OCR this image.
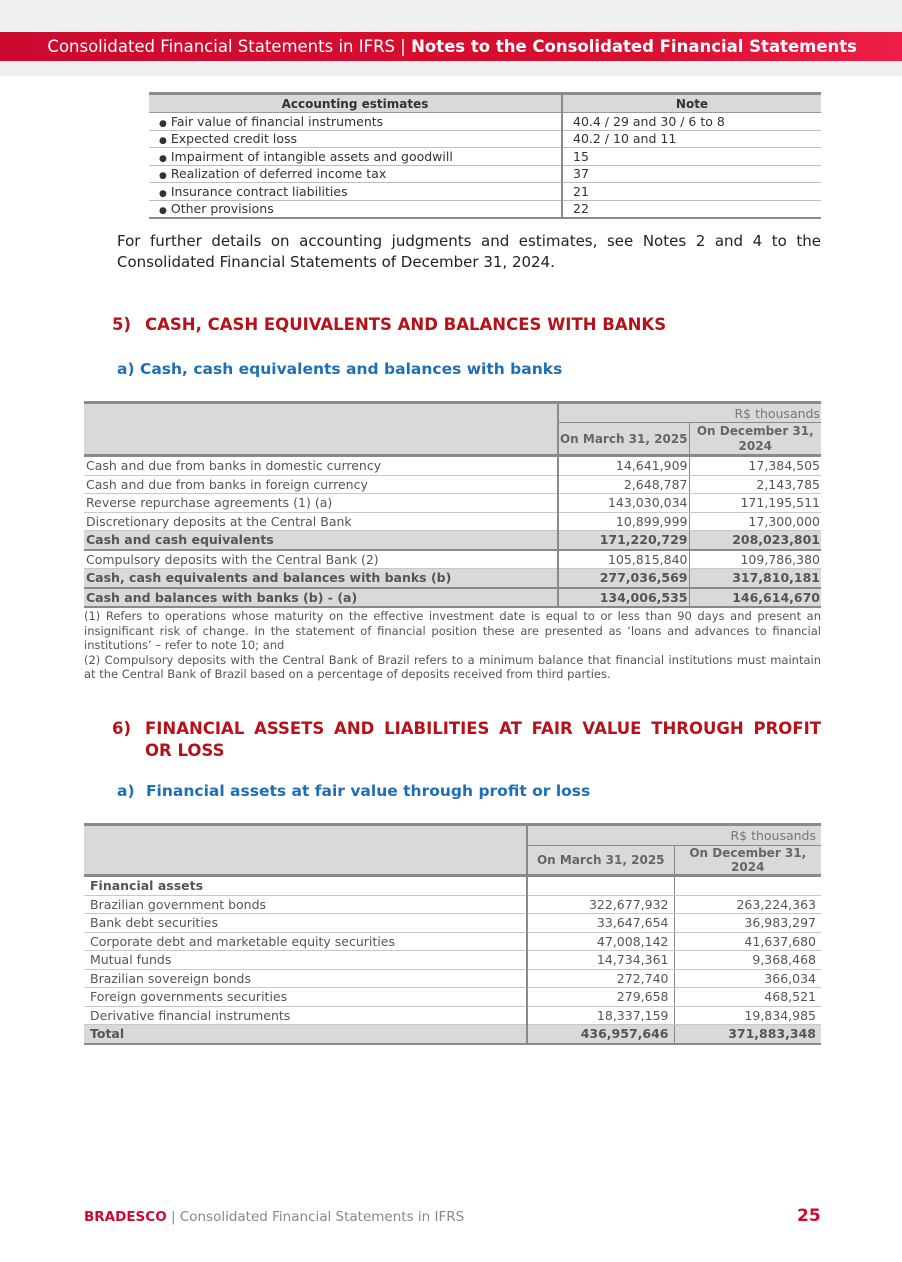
Consolidated Financial Statements in IFRS | Notes to the Consolidated Financial Statements
Accounting estimates	Note
● Fair value of financial instruments	40.4 / 29 and 30 / 6 to 8
● Expected credit loss	40.2 / 10 and 11
● Impairment of intangible assets and goodwill	15
● Realization of deferred income tax	37
● Insurance contract liabilities	21
● Other provisions	22
For further details on accounting judgments and estimates, see Notes 2 and 4 to the Consolidated Financial Statements of December 31, 2024.
5) CASH, CASH EQUIVALENTS AND BALANCES WITH BANKS
a) Cash, cash equivalents and balances with banks
	R$ thousands	
	On March 31, 2025	On December 31, 2024
Cash and due from banks in domestic currency	14,641,909	17,384,505
Cash and due from banks in foreign currency	2,648,787	2,143,785
Reverse repurchase agreements (1) (a)	143,030,034	171,195,511
Discretionary deposits at the Central Bank	10,899,999	17,300,000
Cash and cash equivalents	171,220,729	208,023,801
Compulsory deposits with the Central Bank (2)	105,815,840	109,786,380
Cash, cash equivalents and balances with banks (b)	277,036,569	317,810,181
Cash and balances with banks (b) - (a)	134,006,535	146,614,670

(1) Refers to operations whose maturity on the effective investment date is equal to or less than 90 days and present an insignificant risk of change. In the statement of financial position these are presented as ‘loans and advances to financial institutions’ – refer to note 10; and

(2) Compulsory deposits with the Central Bank of Brazil refers to a minimum balance that financial institutions must maintain at the Central Bank of Brazil based on a percentage of deposits received from third parties.

6) FINANCIAL ASSETS AND LIABILITIES AT FAIR VALUE THROUGH PROFIT OR LOSS
a) Financial assets at fair value through profit or loss
	R$ thousands	
	On March 31, 2025	On December 31, 2024
Financial assets		
Brazilian government bonds	322,677,932	263,224,363
Bank debt securities	33,647,654	36,983,297
Corporate debt and marketable equity securities	47,008,142	41,637,680
Mutual funds	14,734,361	9,368,468
Brazilian sovereign bonds	272,740	366,034
Foreign governments securities	279,658	468,521
Derivative financial instruments	18,337,159	19,834,985
Total	436,957,646	371,883,348
BRADESCO | Consolidated Financial Statements in IFRS	25
